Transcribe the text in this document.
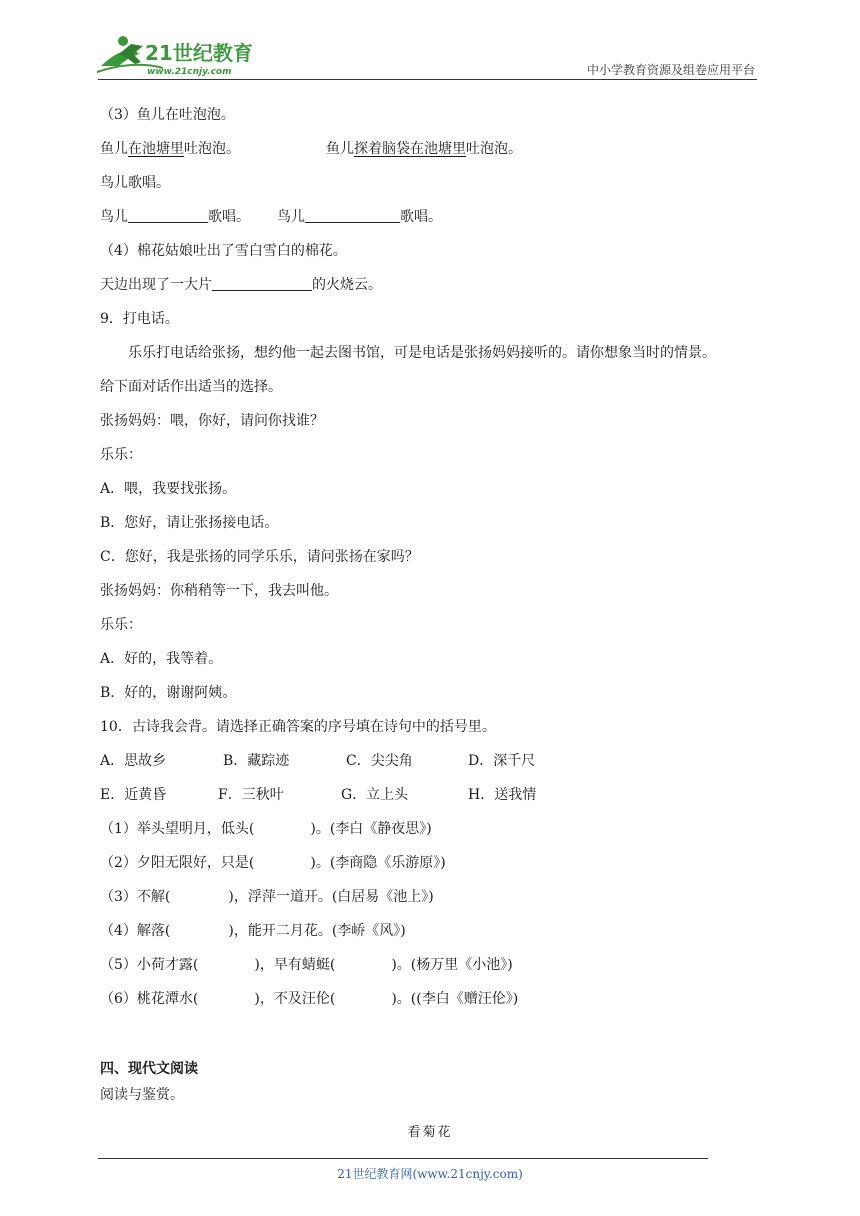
21世纪教育
www.21cnjy.com	中小学教育资源及组卷应用平台
（3）鱼儿在吐泡泡。
鱼儿在池塘里吐泡泡。	鱼儿探着脑袋在池塘里吐泡泡。
鸟儿歌唱。
鸟儿	歌唱。 鸟儿	歌唱。
（4）棉花姑娘吐出了雪白雪白的棉花。
天边出现了一大片	的火烧云。
9．打电话。
乐乐打电话给张扬，想约他一起去图书馆，可是电话是张扬妈妈接听的。请你想象当时的情景。
给下面对话作出适当的选择。
张扬妈妈：喂，你好，请问你找谁？
乐乐：
A．喂，我要找张扬。
B．您好，请让张扬接电话。
C．您好，我是张扬的同学乐乐，请问张扬在家吗？
张扬妈妈：你稍稍等一下，我去叫他。
乐乐：
A．好的，我等着。
B．好的，谢谢阿姨。
10．古诗我会背。请选择正确答案的序号填在诗句中的括号里。
A．思故乡	B．藏踪迹	C．尖尖角	D．深千尺
E．近黄昏	F．三秋叶	G．立上头	H．送我情
（1）举头望明月，低头(	)。(李白《静夜思》)
（2）夕阳无限好，只是(	)。(李商隐《乐游原》)
（3）不解(	)，浮萍一道开。(白居易《池上》)
（4）解落(	)，能开二月花。(李峤《风》)
（5）小荷才露(	)，早有蜻蜓(	)。(杨万里《小池》)
（6）桃花潭水(	)，不及汪伦(	)。((李白《赠汪伦》)
四、现代文阅读
阅读与鉴赏。
看菊花
21世纪教育网(www.21cnjy.com)
